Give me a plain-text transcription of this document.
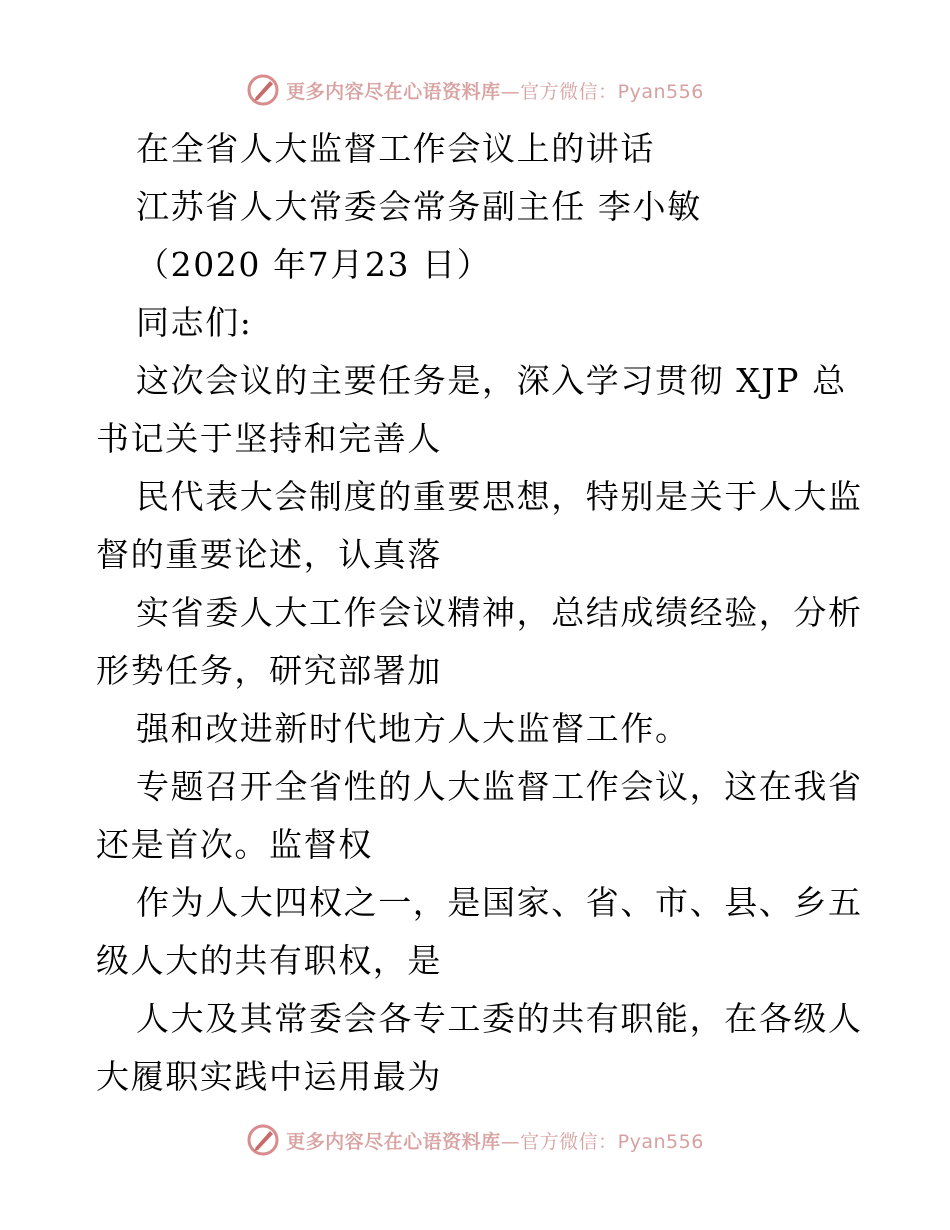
更多内容尽在心语资料库—官方微信：Pyan556
在全省人大监督工作会议上的讲话
江苏省人大常委会常务副主任 李小敏
（2020 年7月23 日）
同志们:
这次会议的主要任务是，深入学习贯彻 XJP 总
书记关于坚持和完善人
民代表大会制度的重要思想，特别是关于人大监
督的重要论述，认真落
实省委人大工作会议精神，总结成绩经验，分析
形势任务，研究部署加
强和改进新时代地方人大监督工作。
专题召开全省性的人大监督工作会议，这在我省
还是首次。监督权
作为人大四权之一，是国家、省、市、县、乡五
级人大的共有职权，是
人大及其常委会各专工委的共有职能，在各级人
大履职实践中运用最为
更多内容尽在心语资料库—官方微信：Pyan556
